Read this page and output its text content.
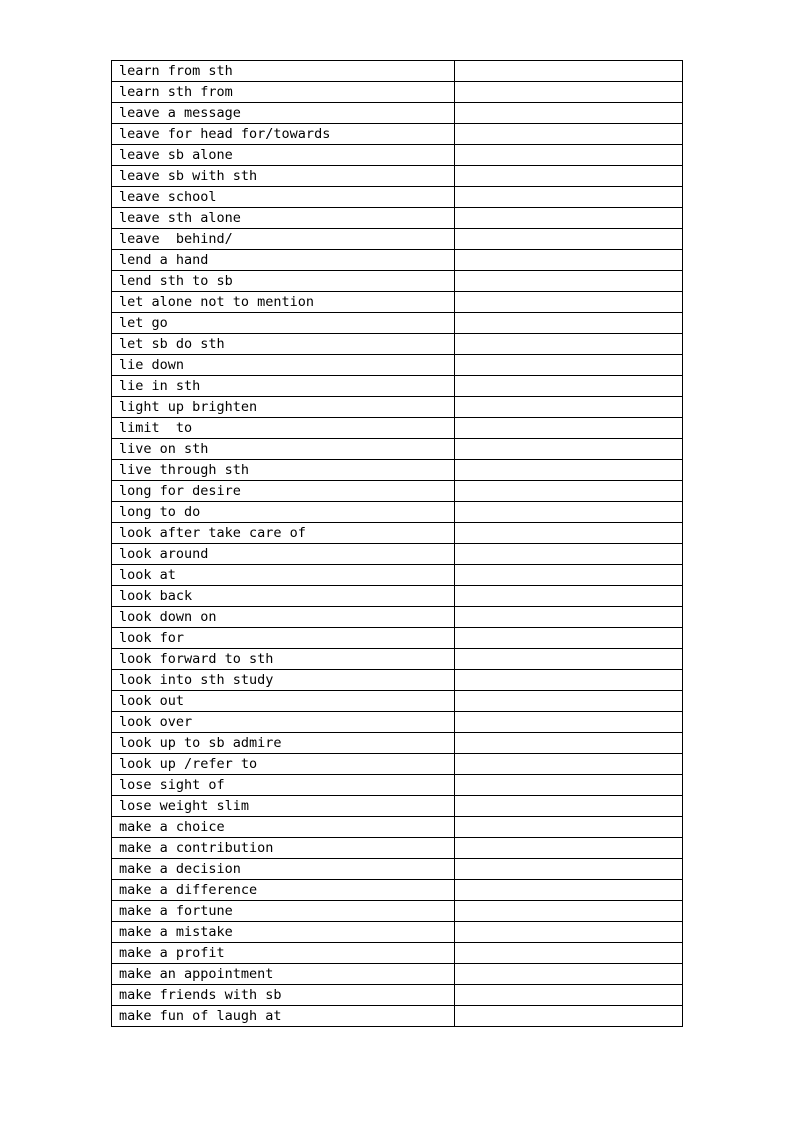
learn from sth	
learn sth from	
leave a message	
leave for head for/towards	
leave sb alone	
leave sb with sth	
leave school	
leave sth alone	
leave  behind/	
lend a hand	
lend sth to sb	
let alone not to mention	
let go	
let sb do sth	
lie down	
lie in sth	
light up brighten	
limit  to	
live on sth	
live through sth	
long for desire	
long to do	
look after take care of	
look around	
look at	
look back	
look down on	
look for	
look forward to sth	
look into sth study	
look out	
look over	
look up to sb admire	
look up /refer to	
lose sight of	
lose weight slim	
make a choice	
make a contribution	
make a decision	
make a difference	
make a fortune	
make a mistake	
make a profit	
make an appointment	
make friends with sb	
make fun of laugh at	
